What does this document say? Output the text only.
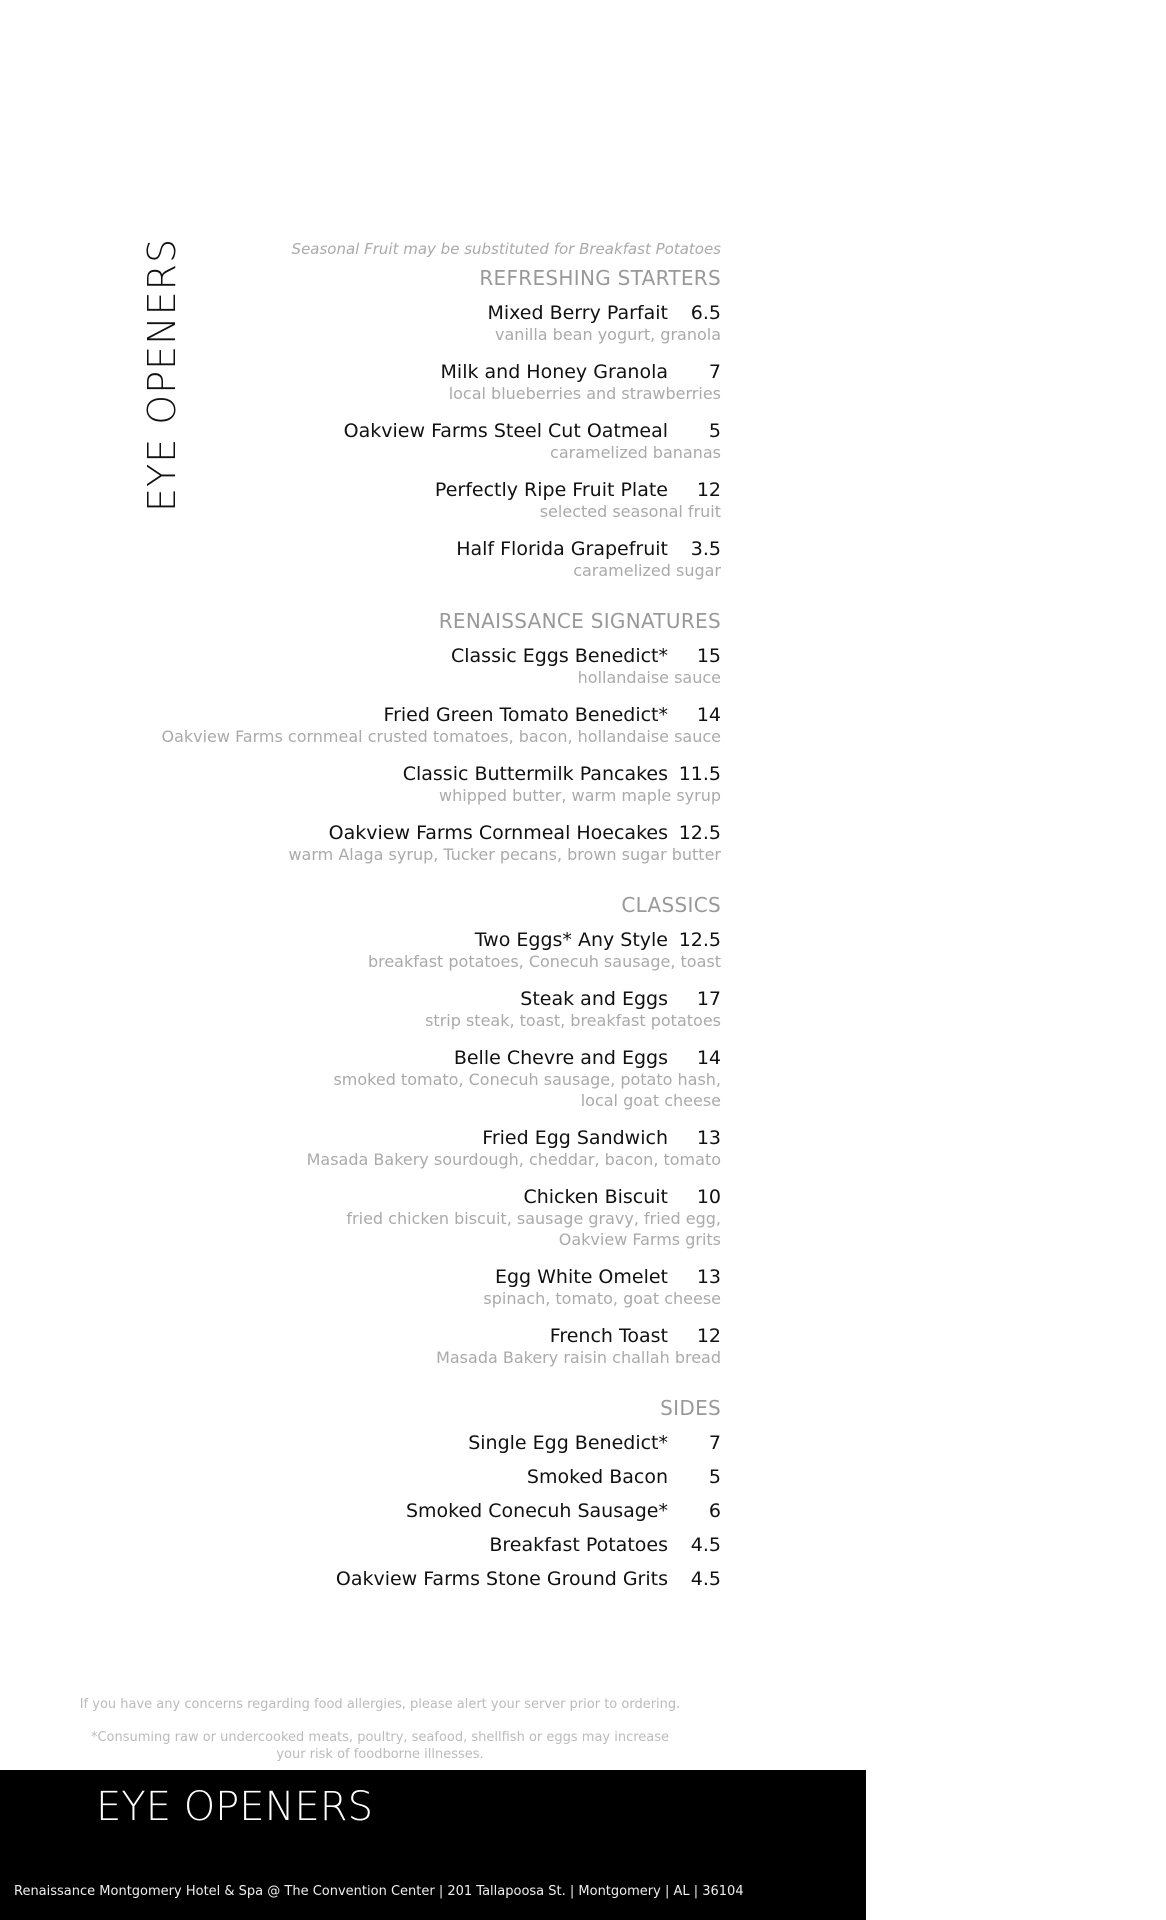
EYE OPENERS	Seasonal Fruit may be substituted for Breakfast Potatoes
REFRESHING STARTERS
Mixed Berry Parfait	6.5
vanilla bean yogurt, granola
Milk and Honey Granola	7
local blueberries and strawberries
Oakview Farms Steel Cut Oatmeal	5
caramelized bananas
Perfectly Ripe Fruit Plate	12
selected seasonal fruit
Half Florida Grapefruit	3.5
caramelized sugar
RENAISSANCE SIGNATURES
Classic Eggs Benedict*	15
hollandaise sauce
Fried Green Tomato Benedict*	14
Oakview Farms cornmeal crusted tomatoes, bacon, hollandaise sauce
Classic Buttermilk Pancakes 11.5
whipped butter, warm maple syrup
Oakview Farms Cornmeal Hoecakes 12.5
warm Alaga syrup, Tucker pecans, brown sugar butter
CLASSICS
Two Eggs* Any Style 12.5
breakfast potatoes, Conecuh sausage, toast
Steak and Eggs	17
strip steak, toast, breakfast potatoes
Belle Chevre and Eggs	14
smoked tomato, Conecuh sausage, potato hash,
local goat cheese
Fried Egg Sandwich	13
Masada Bakery sourdough, cheddar, bacon, tomato
Chicken Biscuit	10
fried chicken biscuit, sausage gravy, fried egg,
Oakview Farms grits
Egg White Omelet	13
spinach, tomato, goat cheese
French Toast	12
Masada Bakery raisin challah bread
SIDES
Single Egg Benedict*	7
Smoked Bacon	5
Smoked Conecuh Sausage*	6
Breakfast Potatoes	4.5
Oakview Farms Stone Ground Grits	4.5

If you have any concerns regarding food allergies, please alert your server prior to ordering.

*Consuming raw or undercooked meats, poultry, seafood, shellfish or eggs may increase
your risk of foodborne illnesses.

EYE OPENERS
Renaissance Montgomery Hotel & Spa @ The Convention Center | 201 Tallapoosa St. | Montgomery | AL | 36104
